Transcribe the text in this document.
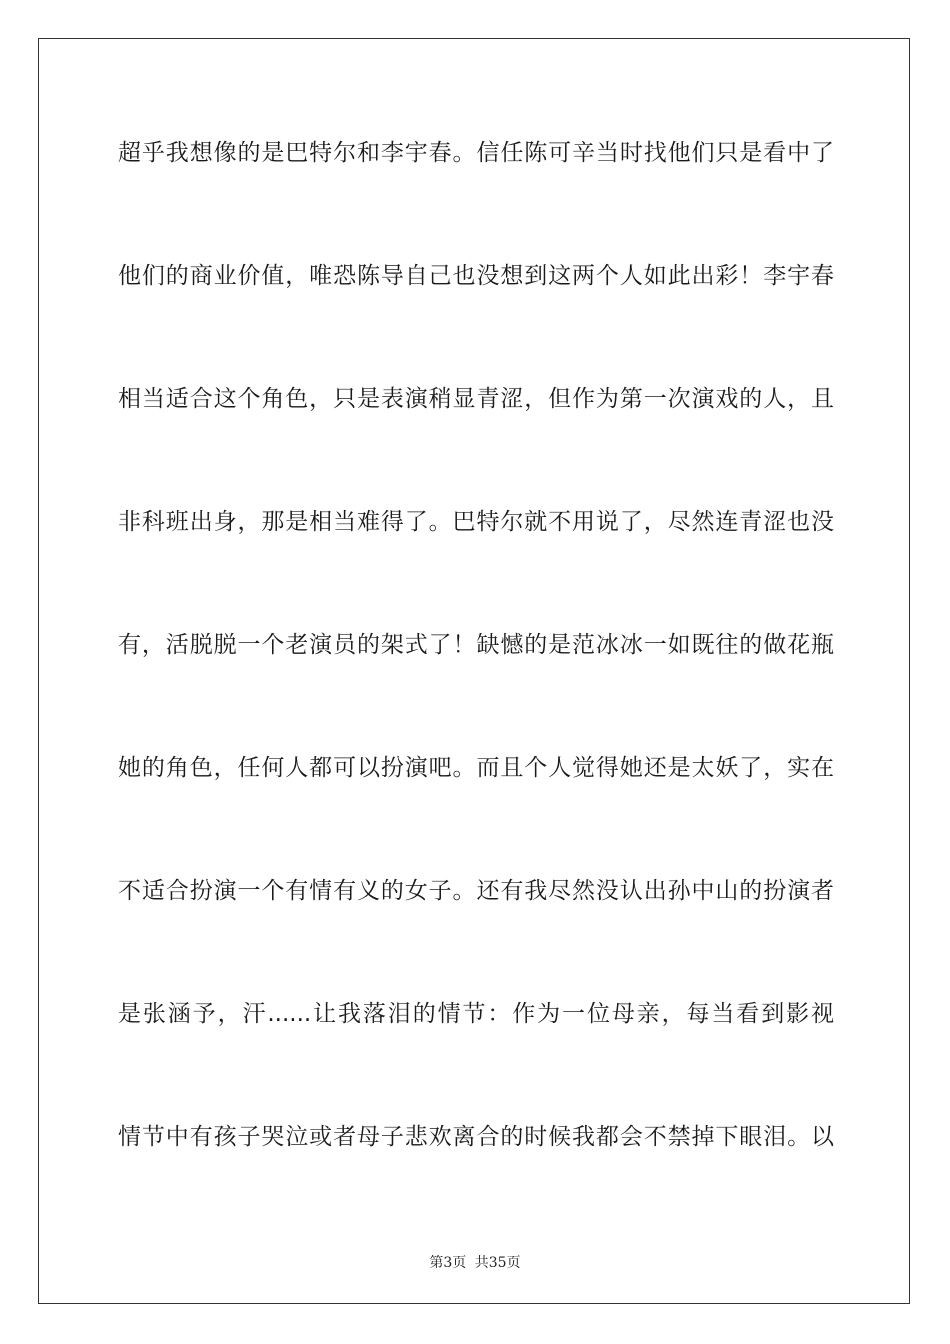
超乎我想像的是巴特尔和李宇春。信任陈可辛当时找他们只是看中了
他们的商业价值，唯恐陈导自己也没想到这两个人如此出彩！李宇春
相当适合这个角色，只是表演稍显青涩，但作为第一次演戏的人，且
非科班出身，那是相当难得了。巴特尔就不用说了，尽然连青涩也没
有，活脱脱一个老演员的架式了！缺憾的是范冰冰一如既往的做花瓶
她的角色，任何人都可以扮演吧。而且个人觉得她还是太妖了，实在
不适合扮演一个有情有义的女子。还有我尽然没认出孙中山的扮演者
是张涵予，汗......让我落泪的情节：作为一位母亲，每当看到影视
情节中有孩子哭泣或者母子悲欢离合的时候我都会不禁掉下眼泪。以
第3页 共35页
